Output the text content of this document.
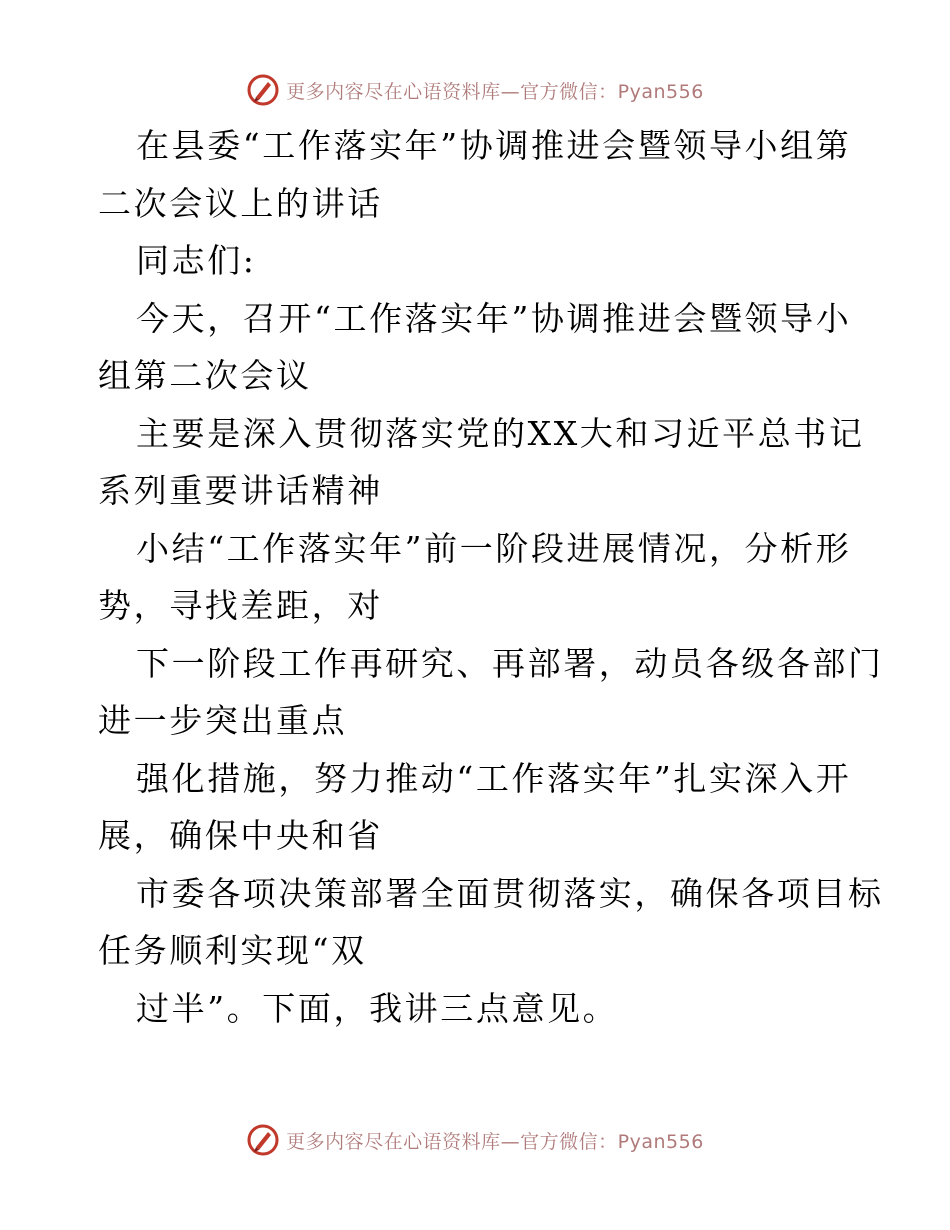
更多内容尽在心语资料库—官方微信：Pyan556
在县委“工作落实年”协调推进会暨领导小组第
二次会议上的讲话
同志们:
今天，召开“工作落实年”协调推进会暨领导小
组第二次会议
主要是深入贯彻落实党的XX大和习近平总书记
系列重要讲话精神
小结“工作落实年”前一阶段进展情况，分析形
势，寻找差距，对
下一阶段工作再研究、再部署，动员各级各部门
进一步突出重点
强化措施，努力推动“工作落实年”扎实深入开
展，确保中央和省
市委各项决策部署全面贯彻落实，确保各项目标
任务顺利实现“双
过半”。下面，我讲三点意见。
更多内容尽在心语资料库—官方微信：Pyan556
